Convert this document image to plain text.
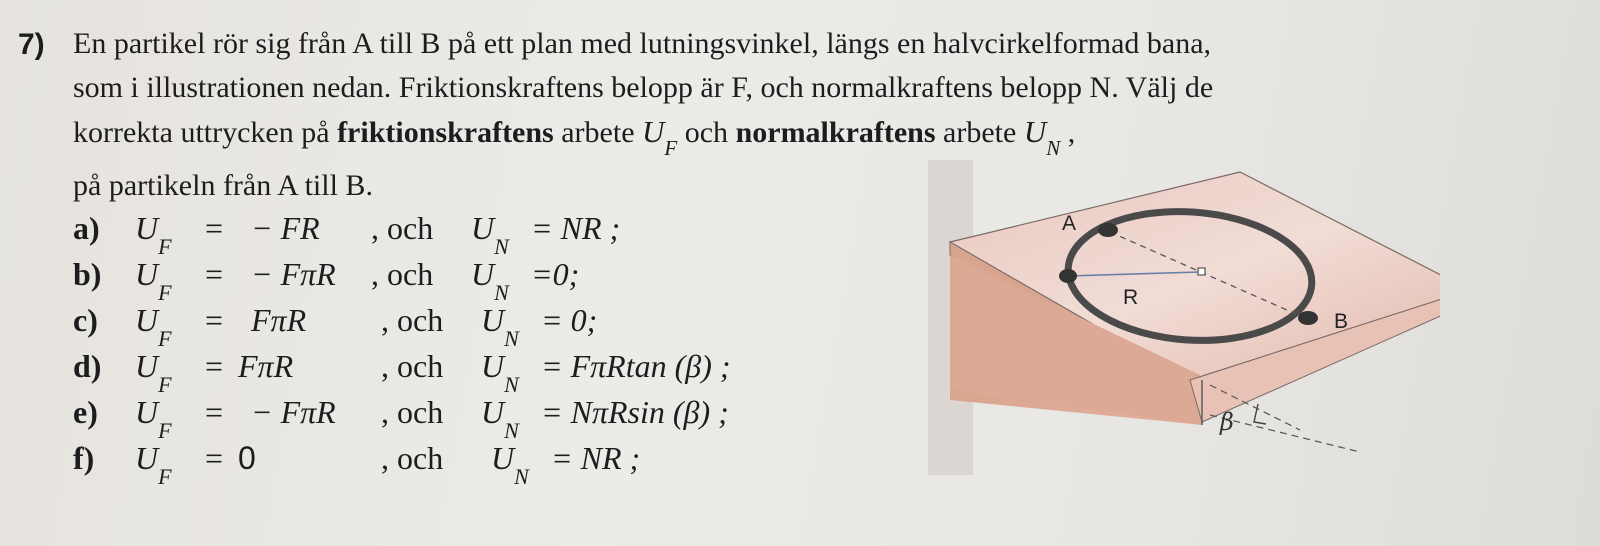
7) En partikel rör sig från A till B på ett plan med lutningsvinkel, längs en halvcirkelformad bana,
som i illustrationen nedan. Friktionskraftens belopp är F, och normalkraftens belopp N. Välj de
korrekta uttrycken på friktionskraftens arbete $U_F$ och normalkraftens arbete $U_N$ ,
på partikeln från A till B.
a) $U_F$
= − FR , och $U_N$
= NR ;
b) $U_F$
= − FπR , och $U_N$
=0;
c) $U_F$
= FπR , och $U_N$
= 0;
d) $U_F$
= FπR	, och $U_N$
= FπRtan (β) ;
e) $U_F$
= − FπR , och $U_N$
= NπRsin (β) ;
f) $U_F$
= 0	, och $U_N$
= NR ;
A
R
B
β
